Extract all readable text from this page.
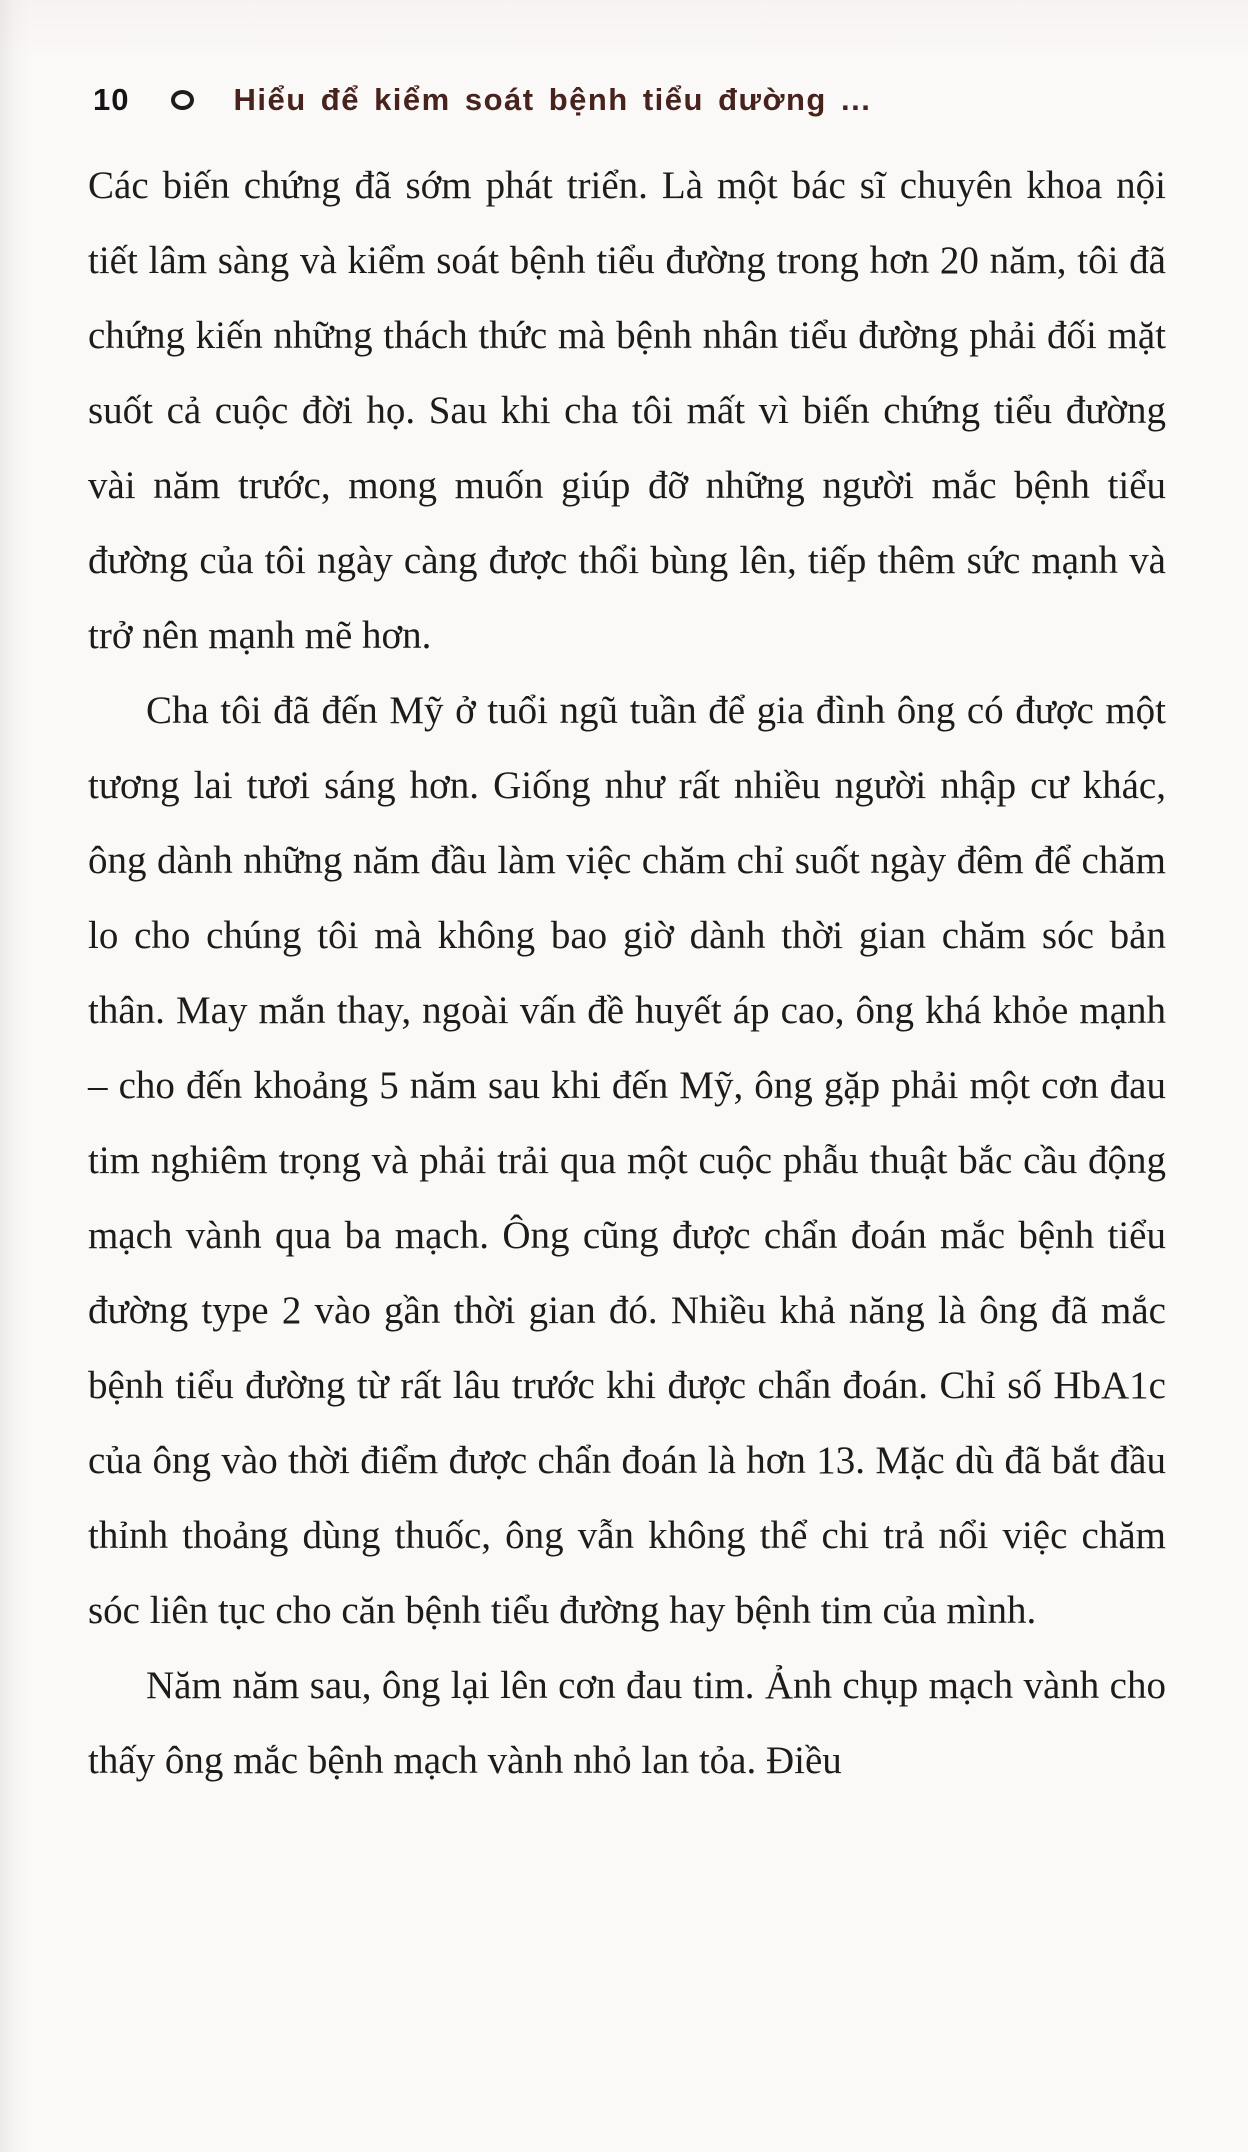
10	Hiểu để kiểm soát bệnh tiểu đường ...

Các biến chứng đã sớm phát triển. Là một bác sĩ chuyên khoa nội tiết lâm sàng và kiểm soát bệnh tiểu đường trong hơn 20 năm, tôi đã chứng kiến những thách thức mà bệnh nhân tiểu đường phải đối mặt suốt cả cuộc đời họ. Sau khi cha tôi mất vì biến chứng tiểu đường vài năm trước, mong muốn giúp đỡ những người mắc bệnh tiểu đường của tôi ngày càng được thổi bùng lên, tiếp thêm sức mạnh và trở nên mạnh mẽ hơn.

Cha tôi đã đến Mỹ ở tuổi ngũ tuần để gia đình ông có được một tương lai tươi sáng hơn. Giống như rất nhiều người nhập cư khác, ông dành những năm đầu làm việc chăm chỉ suốt ngày đêm để chăm lo cho chúng tôi mà không bao giờ dành thời gian chăm sóc bản thân. May mắn thay, ngoài vấn đề huyết áp cao, ông khá khỏe mạnh – cho đến khoảng 5 năm sau khi đến Mỹ, ông gặp phải một cơn đau tim nghiêm trọng và phải trải qua một cuộc phẫu thuật bắc cầu động mạch vành qua ba mạch. Ông cũng được chẩn đoán mắc bệnh tiểu đường type 2 vào gần thời gian đó. Nhiều khả năng là ông đã mắc bệnh tiểu đường từ rất lâu trước khi được chẩn đoán. Chỉ số HbA1c của ông vào thời điểm được chẩn đoán là hơn 13. Mặc dù đã bắt đầu thỉnh thoảng dùng thuốc, ông vẫn không thể chi trả nổi việc chăm sóc liên tục cho căn bệnh tiểu đường hay bệnh tim của mình.

Năm năm sau, ông lại lên cơn đau tim. Ảnh chụp mạch vành cho thấy ông mắc bệnh mạch vành nhỏ lan tỏa. Điều
